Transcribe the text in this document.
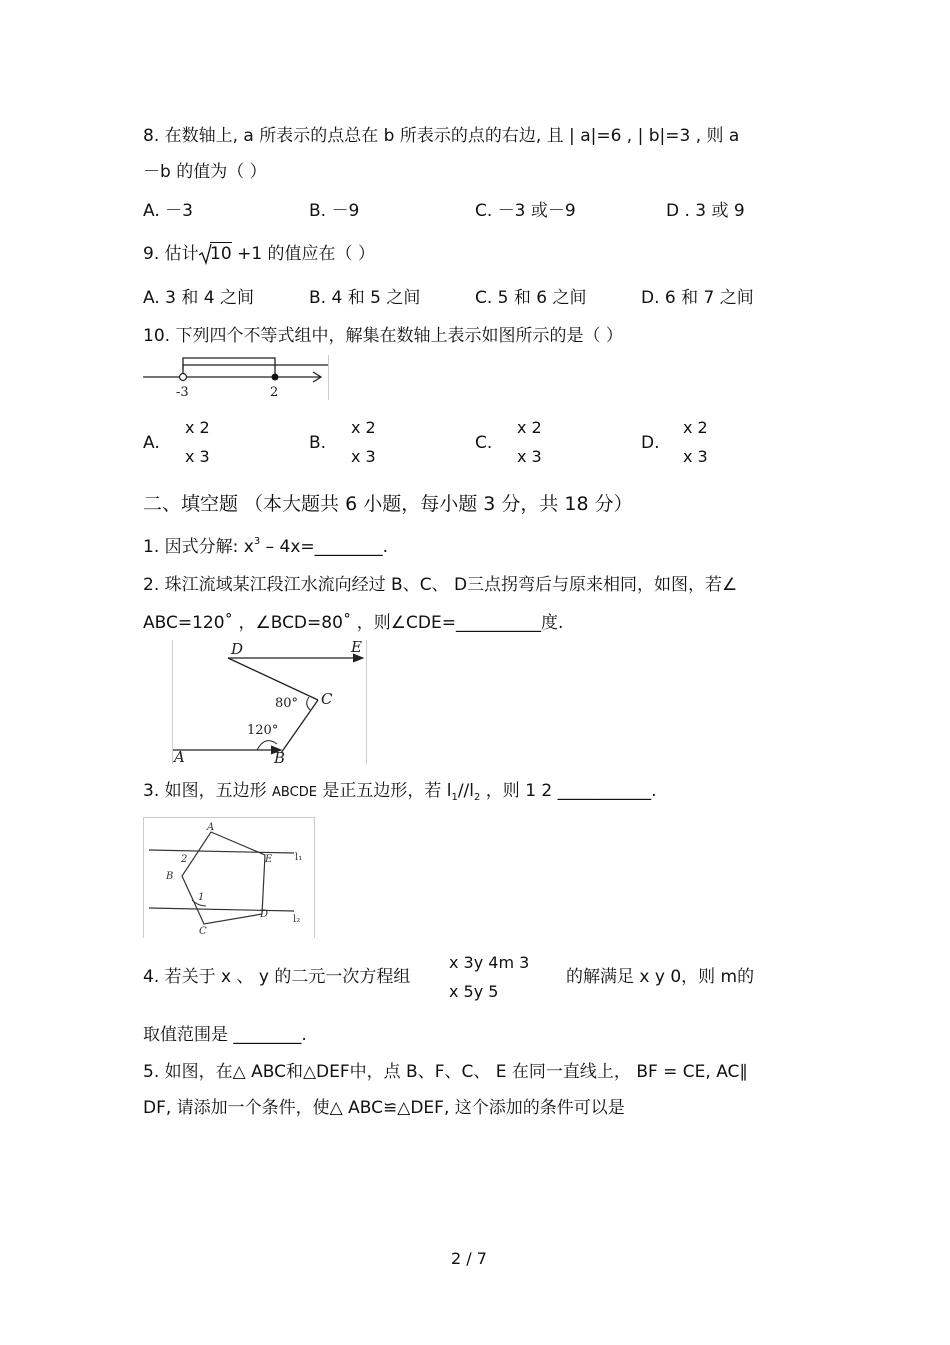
8. 在数轴上, a 所表示的点总在 b 所表示的点的右边, 且 | a|=6 , | b|=3 , 则 a
－b 的值为（ ）
A. －3	B. －9	C. －3 或－9	D . 3 或 9
9. 估计 10 +1 的值应在（ ）
A. 3 和 4 之间	B. 4 和 5 之间	C. 5 和 6 之间	D. 6 和 7 之间
10. 下列四个不等式组中，解集在数轴上表示如图所示的是（ ）
-3	2
A.
x 2
x 3
B.
x 2
x 3
C.
x 2
x 3
D.
x 2
x 3
二、填空题 （本大题共 6 小题，每小题 3 分，共 18 分）
1. 因式分解: $x^3$ – 4x=________.
2. 珠江流域某江段江水流向经过 B、C、 D三点拐弯后与原来相同，如图，若∠
ABC=120˚ ，∠BCD=80˚ ，则∠CDE=__________度.
D	E
C
A	B
80°
120°
3. 如图，五边形 ABCDE 是正五边形，若 $l_1//l_2$ ，则 1 2 ___________.
A
B
C
D
E
1
2	l₁
l₂
4. 若关于 x 、 y 的二元一次方程组
x 3y 4m 3
x 5y 5
的解满足 x y 0，则 m的
取值范围是 ________.
5. 如图，在△ ABC和△DEF中，点 B、F、C、 E 在同一直线上， BF = CE, AC∥
DF, 请添加一个条件，使△ ABC≌△DEF, 这个添加的条件可以是
2 / 7
